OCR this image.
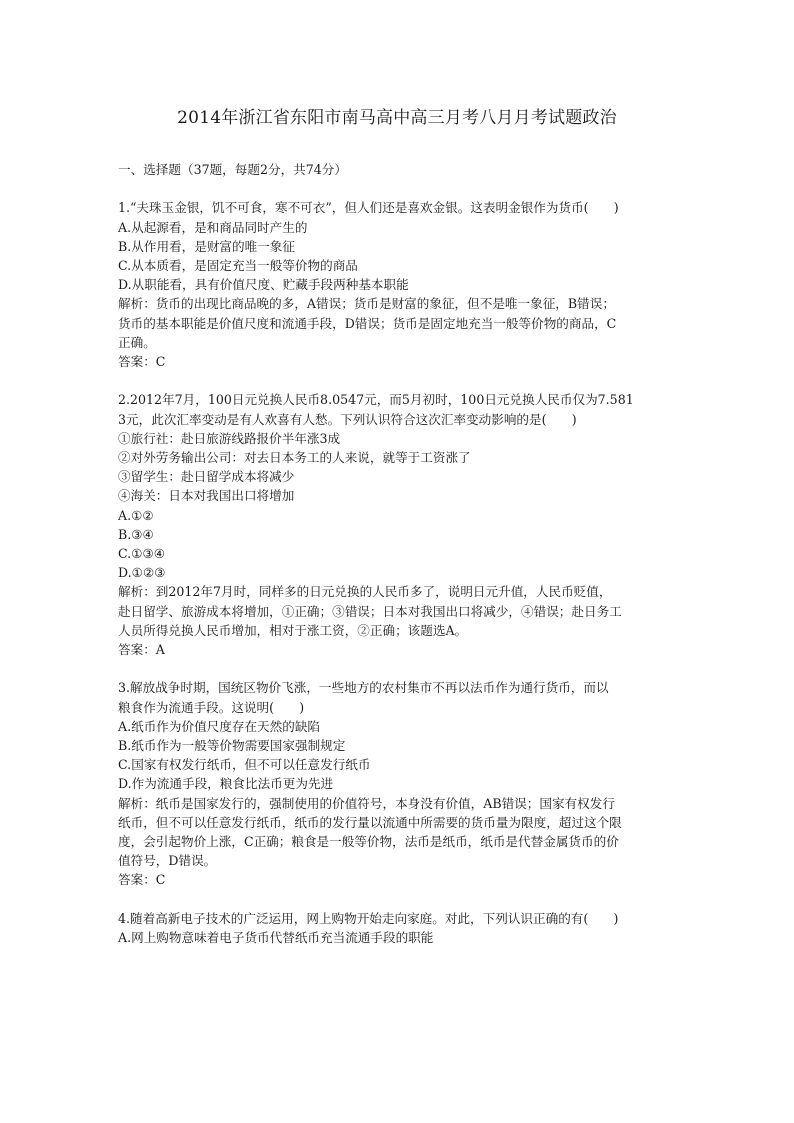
2014年浙江省东阳市南马高中高三月考八月月考试题政治
一、选择题（37题，每题2分，共74分）
1.“夫珠玉金银，饥不可食，寒不可衣”，但人们还是喜欢金银。这表明金银作为货币(　　)
A.从起源看，是和商品同时产生的
B.从作用看，是财富的唯一象征
C.从本质看，是固定充当一般等价物的商品
D.从职能看，具有价值尺度、贮藏手段两种基本职能
解析：货币的出现比商品晚的多，A错误；货币是财富的象征，但不是唯一象征，B错误；
货币的基本职能是价值尺度和流通手段，D错误；货币是固定地充当一般等价物的商品，C
正确。
答案：C
2.2012年7月，100日元兑换人民币8.0547元，而5月初时，100日元兑换人民币仅为7.581
3元，此次汇率变动是有人欢喜有人愁。下列认识符合这次汇率变动影响的是(　　)
①旅行社：赴日旅游线路报价半年涨3成
②对外劳务输出公司：对去日本务工的人来说，就等于工资涨了
③留学生：赴日留学成本将减少
④海关：日本对我国出口将增加
A.①②
B.③④
C.①③④
D.①②③
解析：到2012年7月时，同样多的日元兑换的人民币多了，说明日元升值，人民币贬值，
赴日留学、旅游成本将增加，①正确；③错误；日本对我国出口将减少，④错误；赴日务工
人员所得兑换人民币增加，相对于涨工资，②正确；该题选A。
答案：A
3.解放战争时期，国统区物价飞涨，一些地方的农村集市不再以法币作为通行货币，而以
粮食作为流通手段。这说明(　　)
A.纸币作为价值尺度存在天然的缺陷
B.纸币作为一般等价物需要国家强制规定
C.国家有权发行纸币，但不可以任意发行纸币
D.作为流通手段，粮食比法币更为先进
解析：纸币是国家发行的，强制使用的价值符号，本身没有价值，AB错误；国家有权发行
纸币，但不可以任意发行纸币，纸币的发行量以流通中所需要的货币量为限度，超过这个限
度，会引起物价上涨，C正确；粮食是一般等价物，法币是纸币，纸币是代替金属货币的价
值符号，D错误。
答案：C
4.随着高新电子技术的广泛运用，网上购物开始走向家庭。对此，下列认识正确的有(　　)
A.网上购物意味着电子货币代替纸币充当流通手段的职能
